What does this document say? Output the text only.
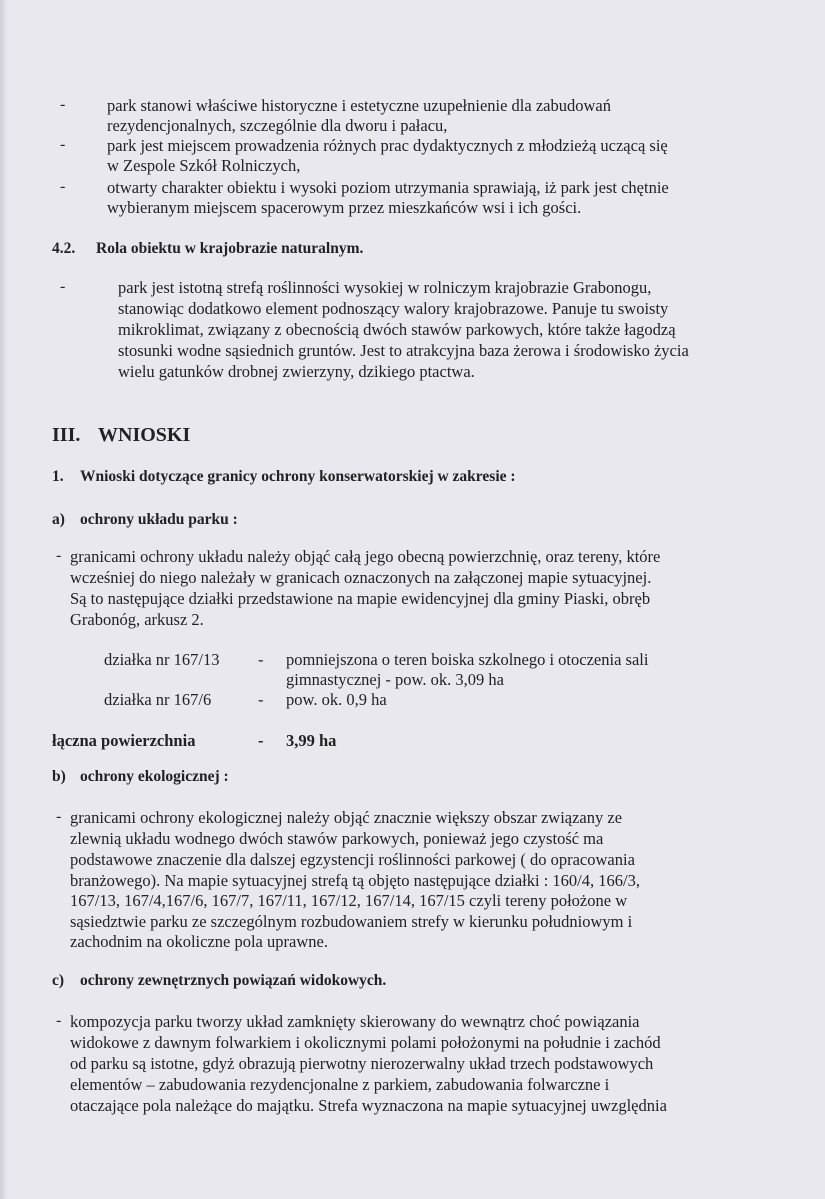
-	park stanowi właściwe historyczne i estetyczne uzupełnienie dla zabudowań
rezydencjonalnych, szczególnie dla dworu i pałacu,
-	park jest miejscem prowadzenia różnych prac dydaktycznych z młodzieżą uczącą się
w Zespole Szkół Rolniczych,
-	otwarty charakter obiektu i wysoki poziom utrzymania sprawiają, iż park jest chętnie
wybieranym miejscem spacerowym przez mieszkańców wsi i ich gości.
4.2. Rola obiektu w krajobrazie naturalnym.
-	park jest istotną strefą roślinności wysokiej w rolniczym krajobrazie Grabonogu,
stanowiąc dodatkowo element podnoszący walory krajobrazowe. Panuje tu swoisty
mikroklimat, związany z obecnością dwóch stawów parkowych, które także łagodzą
stosunki wodne sąsiednich gruntów. Jest to atrakcyjna baza żerowa i środowisko życia
wielu gatunków drobnej zwierzyny, dzikiego ptactwa.
III. WNIOSKI
1. Wnioski dotyczące granicy ochrony konserwatorskiej w zakresie :
a) ochrony układu parku :
- granicami ochrony układu należy objąć całą jego obecną powierzchnię, oraz tereny, które
wcześniej do niego należały w granicach oznaczonych na załączonej mapie sytuacyjnej.
Są to następujące działki przedstawione na mapie ewidencyjnej dla gminy Piaski, obręb
Grabonóg, arkusz 2.
działka nr 167/13 - pomniejszona o teren boiska szkolnego i otoczenia sali
gimnastycznej - pow. ok. 3,09 ha
działka nr 167/6	- pow. ok. 0,9 ha
łączna powierzchnia	- 3,99 ha
b) ochrony ekologicznej :
- granicami ochrony ekologicznej należy objąć znacznie większy obszar związany ze
zlewnią układu wodnego dwóch stawów parkowych, ponieważ jego czystość ma
podstawowe znaczenie dla dalszej egzystencji roślinności parkowej ( do opracowania
branżowego). Na mapie sytuacyjnej strefą tą objęto następujące działki : 160/4, 166/3,
167/13, 167/4,167/6, 167/7, 167/11, 167/12, 167/14, 167/15 czyli tereny położone w
sąsiedztwie parku ze szczególnym rozbudowaniem strefy w kierunku południowym i
zachodnim na okoliczne pola uprawne.
c) ochrony zewnętrznych powiązań widokowych.
- kompozycja parku tworzy układ zamknięty skierowany do wewnątrz choć powiązania
widokowe z dawnym folwarkiem i okolicznymi polami położonymi na południe i zachód
od parku są istotne, gdyż obrazują pierwotny nierozerwalny układ trzech podstawowych
elementów – zabudowania rezydencjonalne z parkiem, zabudowania folwarczne i
otaczające pola należące do majątku. Strefa wyznaczona na mapie sytuacyjnej uwzględnia
